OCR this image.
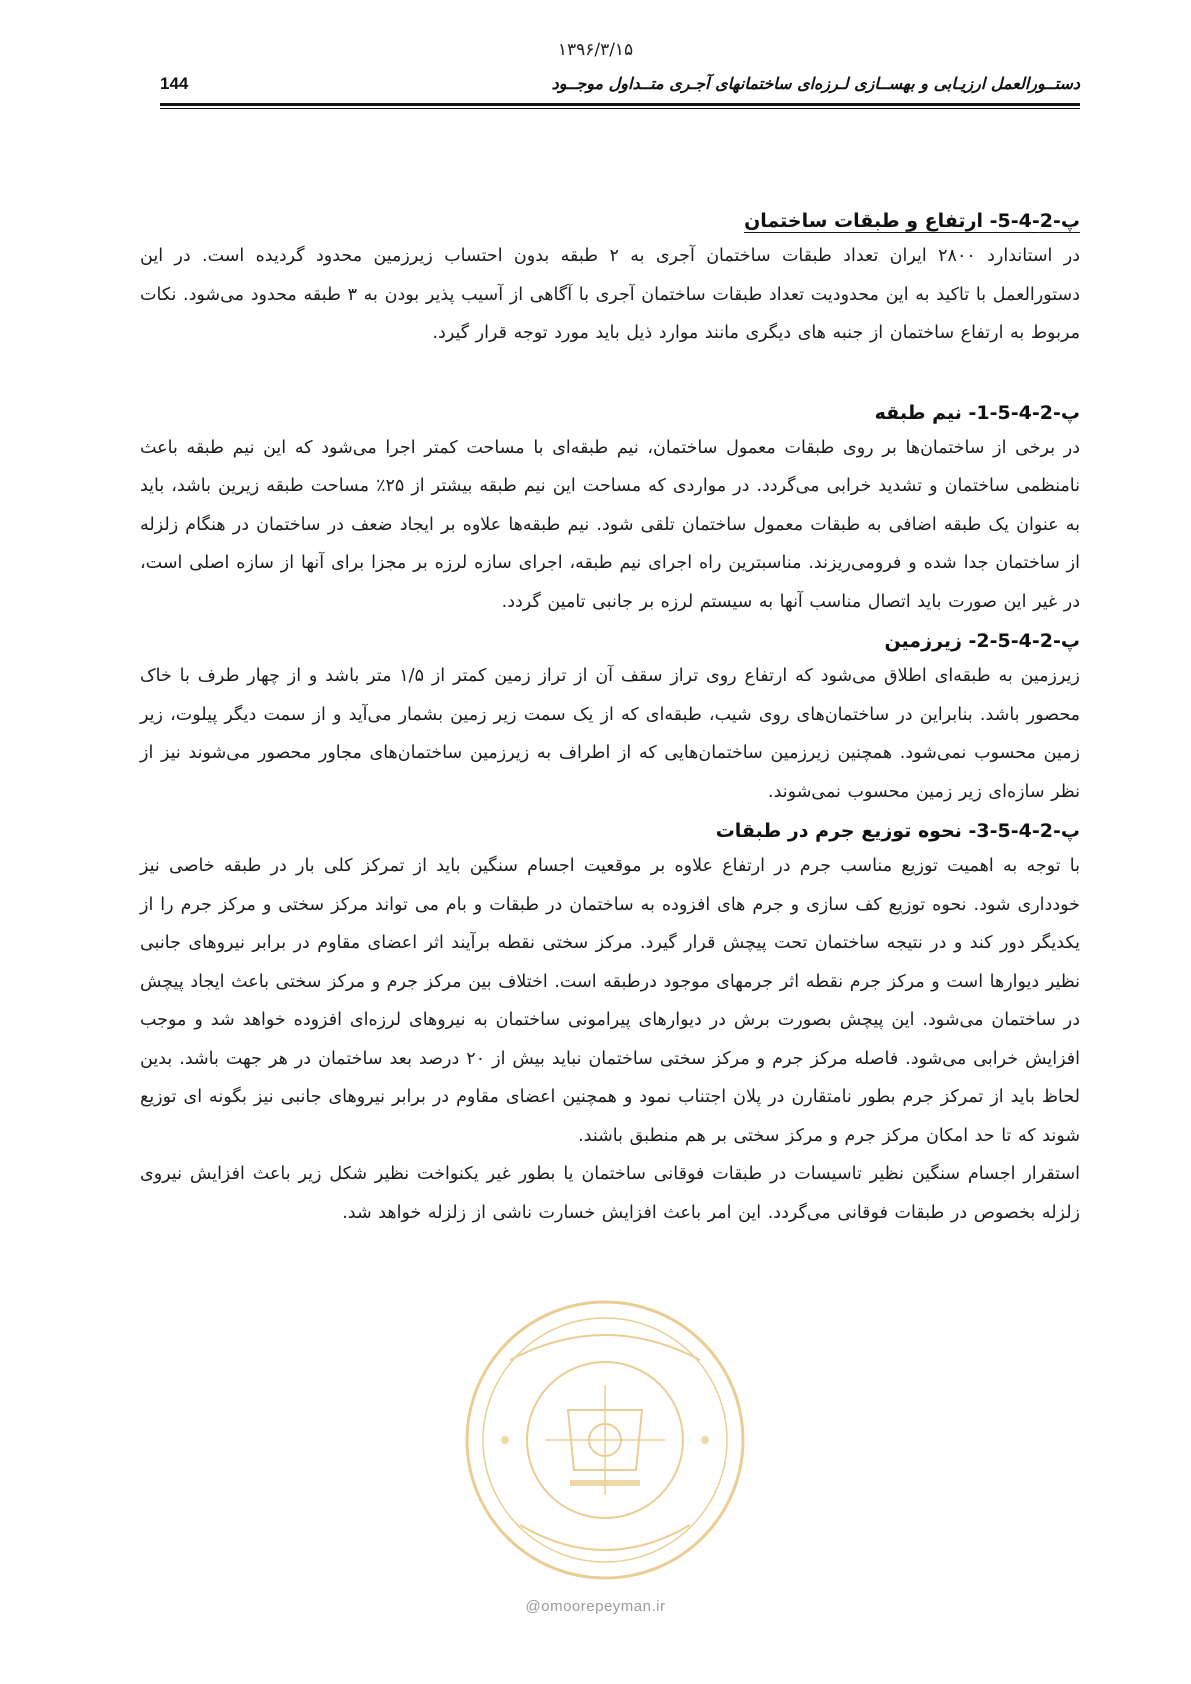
۱۳۹۶/۳/۱۵
دستــورالعمل ارزیـابی و بهســازی لـرزه‌ای ساختمانهای آجـری متــداول موجــود
144
پ-2-4-5- ارتفاع و طبقات ساختمان

در استاندارد ۲۸۰۰ ایران تعداد طبقات ساختمان آجری به ۲ طبقه بدون احتساب زیرزمین محدود گردیده است. در این دستورالعمل با تاکید به این محدودیت تعداد طبقات ساختمان آجری با آگاهی از آسیب پذیر بودن به ۳ طبقه محدود می‌شود. نکات مربوط به ارتفاع ساختمان از جنبه های دیگری مانند موارد ذیل باید مورد توجه قرار گیرد.

پ-2-4-5-1- نیم طبقه

در برخی از ساختمان‌ها بر روی طبقات معمول ساختمان، نیم طبقه‌ای با مساحت کمتر اجرا می‌شود که این نیم طبقه باعث نامنظمی ساختمان و تشدید خرابی می‌گردد. در مواردی که مساحت این نیم طبقه بیشتر از ۲۵٪ مساحت طبقه زیرین باشد، باید به عنوان یک طبقه اضافی به طبقات معمول ساختمان تلقی شود. نیم طبقه‌ها علاوه بر ایجاد ضعف در ساختمان در هنگام زلزله از ساختمان جدا شده و فرومی‌ریزند. مناسبترین راه اجرای نیم طبقه، اجرای سازه لرزه بر مجزا برای آنها از سازه اصلی است، در غیر این صورت باید اتصال مناسب آنها به سیستم لرزه بر جانبی تامین گردد.

پ-2-4-5-2- زیرزمین

زیرزمین به طبقه‌ای اطلاق می‌شود که ارتفاع روی تراز سقف آن از تراز زمین کمتر از ۱/۵ متر باشد و از چهار طرف با خاک محصور باشد. بنابراین در ساختمان‌های روی شیب، طبقه‌ای که از یک سمت زیر زمین بشمار می‌آید و از سمت دیگر پیلوت، زیر زمین محسوب نمی‌شود. همچنین زیرزمین ساختمان‌هایی که از اطراف به زیرزمین ساختمان‌های مجاور محصور می‌شوند نیز از نظر سازه‌ای زیر زمین محسوب نمی‌شوند.

پ-2-4-5-3- نحوه توزیع جرم در طبقات

با توجه به اهمیت توزیع مناسب جرم در ارتفاع علاوه بر موقعیت اجسام سنگین باید از تمرکز کلی بار در طبقه خاصی نیز خودداری شود. نحوه توزیع کف سازی و جرم های افزوده به ساختمان در طبقات و بام می تواند مرکز سختی و مرکز جرم را از یکدیگر دور کند و در نتیجه ساختمان تحت پیچش قرار گیرد. مرکز سختی نقطه برآیند اثر اعضای مقاوم در برابر نیروهای جانبی نظیر دیوارها است و مرکز جرم نقطه اثر جرمهای موجود درطبقه است. اختلاف بین مرکز جرم و مرکز سختی باعث ایجاد پیچش در ساختمان می‌شود. این پیچش بصورت برش در دیوارهای پیرامونی ساختمان به نیروهای لرزه‌ای افزوده خواهد شد و موجب افزایش خرابی می‌شود. فاصله مرکز جرم و مرکز سختی ساختمان نباید بیش از ۲۰ درصد بعد ساختمان در هر جهت باشد. بدین لحاظ باید از تمرکز جرم بطور نامتقارن در پلان اجتناب نمود و همچنین اعضای مقاوم در برابر نیروهای جانبی نیز بگونه ای توزیع شوند که تا حد امکان مرکز جرم و مرکز سختی بر هم منطبق باشند.

استقرار اجسام سنگین نظیر تاسیسات در طبقات فوقانی ساختمان یا بطور غیر یکنواخت نظیر شکل زیر باعث افزایش نیروی زلزله بخصوص در طبقات فوقانی می‌گردد. این امر باعث افزایش خسارت ناشی از زلزله خواهد شد.

@omoorepeyman.ir
